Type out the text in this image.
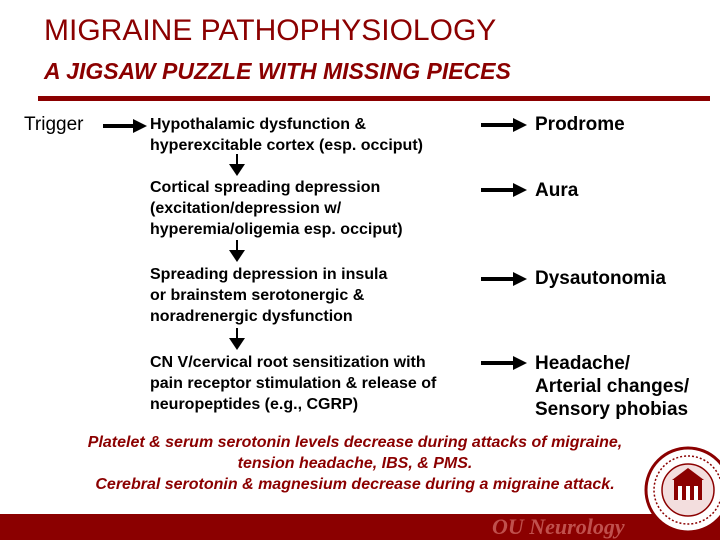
MIGRAINE PATHOPHYSIOLOGY
A JIGSAW PUZZLE WITH MISSING PIECES
Trigger	Hypothalamic dysfunction &
hyperexcitable cortex (esp. occiput)
Cortical spreading depression
(excitation/depression w/
hyperemia/oligemia esp. occiput)
Spreading depression in insula
or brainstem serotonergic &
noradrenergic dysfunction
CN V/cervical root sensitization with
pain receptor stimulation & release of
neuropeptides (e.g., CGRP)
Prodrome
Aura
Dysautonomia
Headache/
Arterial changes/
Sensory phobias
Platelet & serum serotonin levels decrease during attacks of migraine,
tension headache, IBS, & PMS.
Cerebral serotonin & magnesium decrease during a migraine attack.
OU Neurology
